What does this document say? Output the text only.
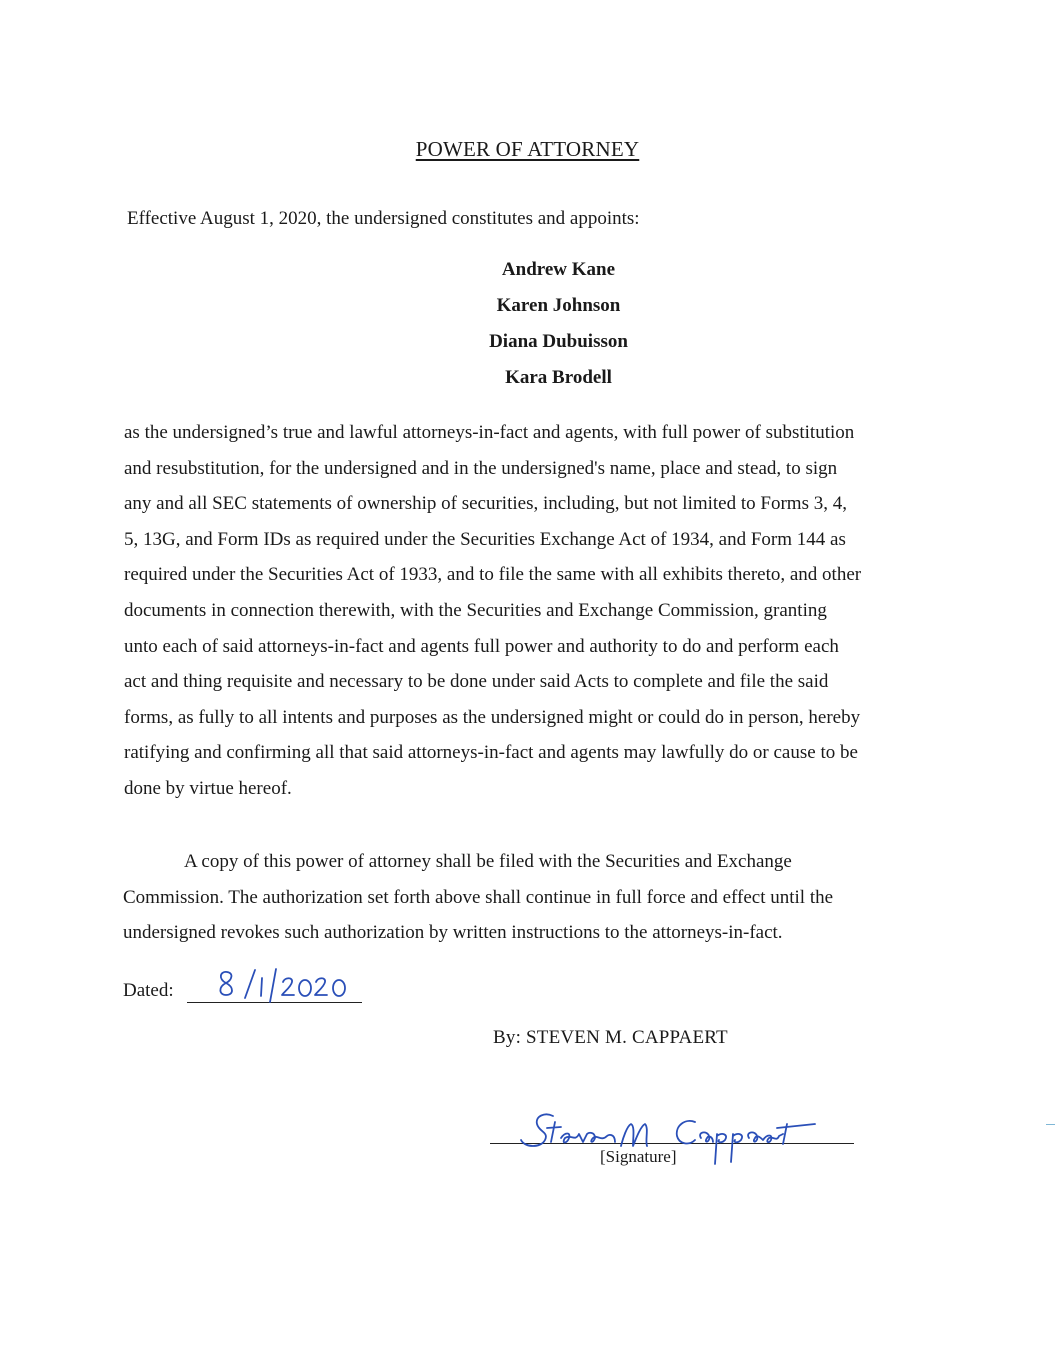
POWER OF ATTORNEY
Effective August 1, 2020, the undersigned constitutes and appoints:
Andrew Kane
Karen Johnson
Diana Dubuisson
Kara Brodell
as the undersigned’s true and lawful attorneys-in-fact and agents, with full power of substitution
and resubstitution, for the undersigned and in the undersigned's name, place and stead, to sign
any and all SEC statements of ownership of securities, including, but not limited to Forms 3, 4,
5, 13G, and Form IDs as required under the Securities Exchange Act of 1934, and Form 144 as
required under the Securities Act of 1933, and to file the same with all exhibits thereto, and other
documents in connection therewith, with the Securities and Exchange Commission, granting
unto each of said attorneys-in-fact and agents full power and authority to do and perform each
act and thing requisite and necessary to be done under said Acts to complete and file the said
forms, as fully to all intents and purposes as the undersigned might or could do in person, hereby
ratifying and confirming all that said attorneys-in-fact and agents may lawfully do or cause to be
done by virtue hereof.
A copy of this power of attorney shall be filed with the Securities and Exchange
Commission. The authorization set forth above shall continue in full force and effect until the
undersigned revokes such authorization by written instructions to the attorneys-in-fact.
Dated:
By: STEVEN M. CAPPAERT
[Signature]
